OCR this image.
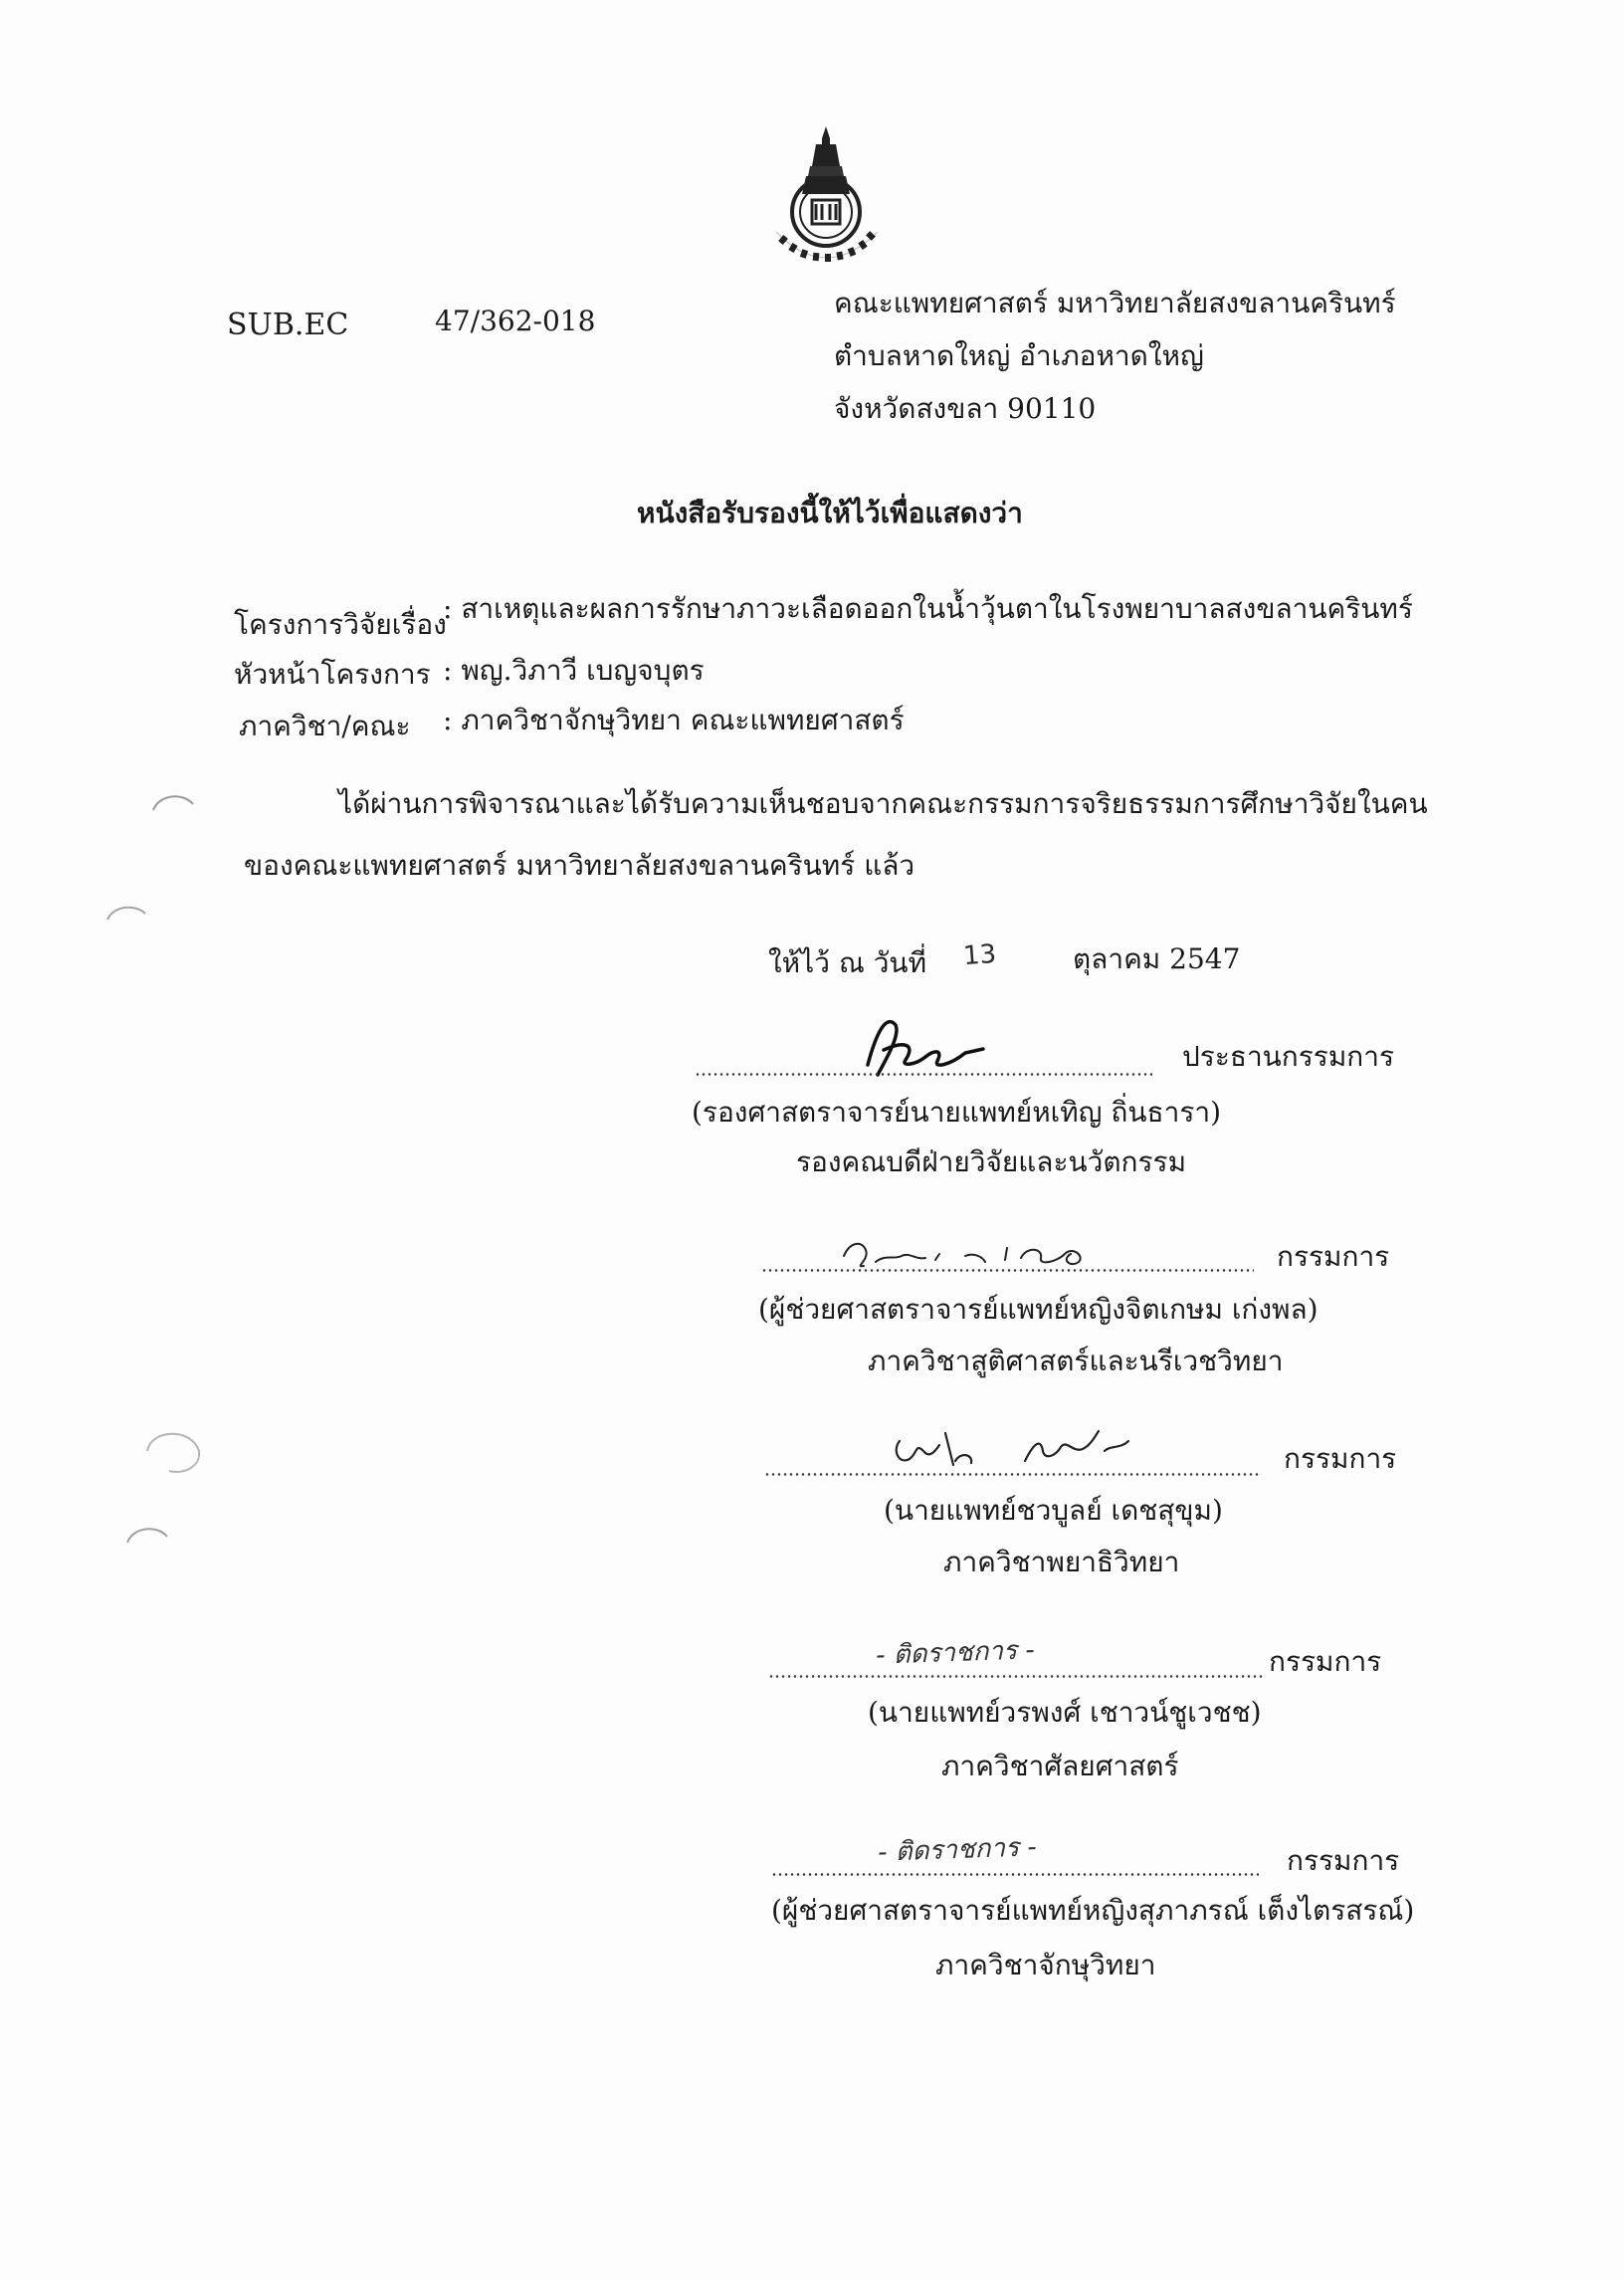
SUB.EC	47/362-018
คณะแพทยศาสตร์ มหาวิทยาลัยสงขลานครินทร์
ตำบลหาดใหญ่ อำเภอหาดใหญ่
จังหวัดสงขลา 90110
หนังสือรับรองนี้ให้ไว้เพื่อแสดงว่า
โครงการวิจัยเรื่อง
: สาเหตุและผลการรักษาภาวะเลือดออกในน้ำวุ้นตาในโรงพยาบาลสงขลานครินทร์
หัวหน้าโครงการ : พญ.วิภาวี เบญจบุตร
ภาควิชา/คณะ : ภาควิชาจักษุวิทยา คณะแพทยศาสตร์
ได้ผ่านการพิจารณาและได้รับความเห็นชอบจากคณะกรรมการจริยธรรมการศึกษาวิจัยในคน
ของคณะแพทยศาสตร์ มหาวิทยาลัยสงขลานครินทร์ แล้ว
ให้ไว้ ณ วันที่ 13	ตุลาคม 2547
ประธานกรรมการ
(รองศาสตราจารย์นายแพทย์หเทิญ ถิ่นธารา)
รองคณบดีฝ่ายวิจัยและนวัตกรรม
กรรมการ
(ผู้ช่วยศาสตราจารย์แพทย์หญิงจิตเกษม เก่งพล)
ภาควิชาสูติศาสตร์และนรีเวชวิทยา
กรรมการ
(นายแพทย์ชวบูลย์ เดชสุขุม)
ภาควิชาพยาธิวิทยา
- ติดราชการ -	กรรมการ
(นายแพทย์วรพงศ์ เชาวน์ชูเวชช)
ภาควิชาศัลยศาสตร์
- ติดราชการ -	กรรมการ
(ผู้ช่วยศาสตราจารย์แพทย์หญิงสุภาภรณ์ เต็งไตรสรณ์)
ภาควิชาจักษุวิทยา
